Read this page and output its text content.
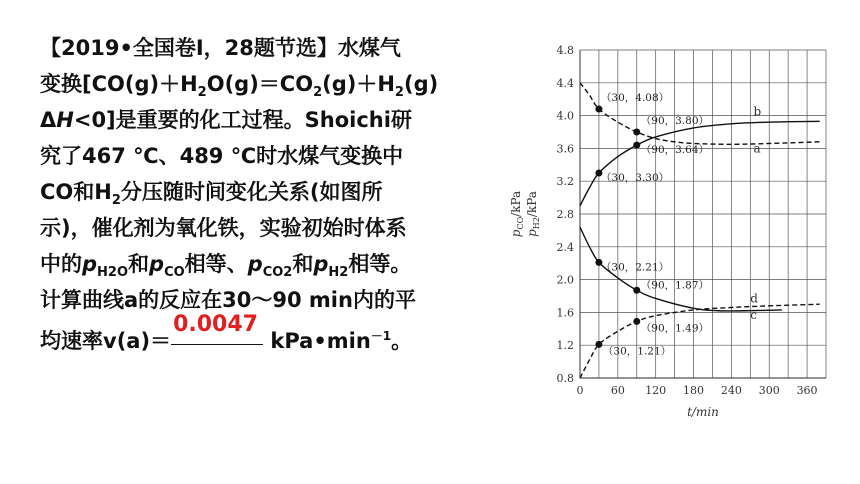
【2019•全国卷Ⅰ，28题节选】水煤气
变换[$CO(g)+H_2O(g)=CO_2(g)+H_2(g)$
ΔH<0]是重要的化工过程。Shoichi研
究了467 ℃、489 ℃时水煤气变换中
CO和$H_2$分压随时间变化关系(如图所
示)，催化剂为氧化铁，实验初始时体系
中的$p_{H2O}$和$p_{CO}$相等、$p_{CO2}$和$p_{H2}$相等。
计算曲线a的反应在30～90 min内的平
均速率v(a)＝
0.0047
$kPa•\min^{-1}$。
0.8
1.2
1.6
2.0
2.4
2.8
3.2
3.6
4.0
4.4
4.8
0 60 120 180 240 300 360
t/min
$p_{CO}$/kPa
$p_{H2}$/kPa
b
a
d
c
（30，4.08）
（90，3.80）
（90，3.64）
（30，3.30）
（30，2.21）
（90，1.87）
（90，1.49）
（30，1.21）
